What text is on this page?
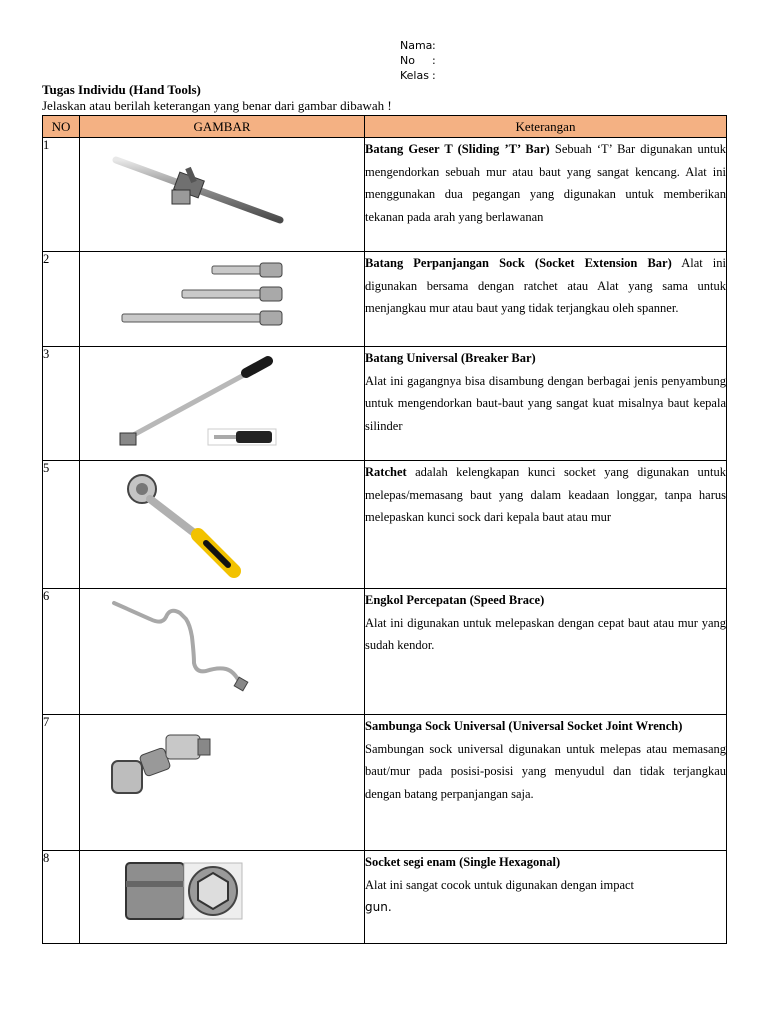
Nama :
No	:
Kelas :
Tugas Individu (Hand Tools)
Jelaskan atau berilah keterangan yang benar dari gambar dibawah !
NO	GAMBAR	Keterangan
1		Batang Geser T (Sliding ’T’ Bar) Sebuah ‘T’ Bar digunakan untuk mengendorkan sebuah mur atau baut yang sangat kencang. Alat ini menggunakan dua pegangan yang digunakan untuk memberikan tekanan pada arah yang berlawanan
2		Batang Perpanjangan Sock (Socket Extension Bar) Alat ini digunakan bersama dengan ratchet atau Alat yang sama untuk menjangkau mur atau baut yang tidak terjangkau oleh spanner.
3		Batang Universal (Breaker Bar)
Alat ini gagangnya bisa disambung dengan berbagai jenis penyambung untuk mengendorkan baut-baut yang sangat kuat misalnya baut kepala silinder
5		Ratchet adalah kelengkapan kunci socket yang digunakan untuk melepas/memasang baut yang dalam keadaan longgar, tanpa harus melepaskan kunci sock dari kepala baut atau mur
6		Engkol Percepatan (Speed Brace)
Alat ini digunakan untuk melepaskan dengan cepat baut atau mur yang sudah kendor.
7		Sambunga Sock Universal (Universal Socket Joint Wrench)
Sambungan sock universal digunakan untuk melepas atau memasang baut/mur pada posisi-posisi yang menyudul dan tidak terjangkau dengan batang perpanjangan saja.
8		Socket segi enam (Single Hexagonal)
Alat ini sangat cocok untuk digunakan dengan impact
gun.
